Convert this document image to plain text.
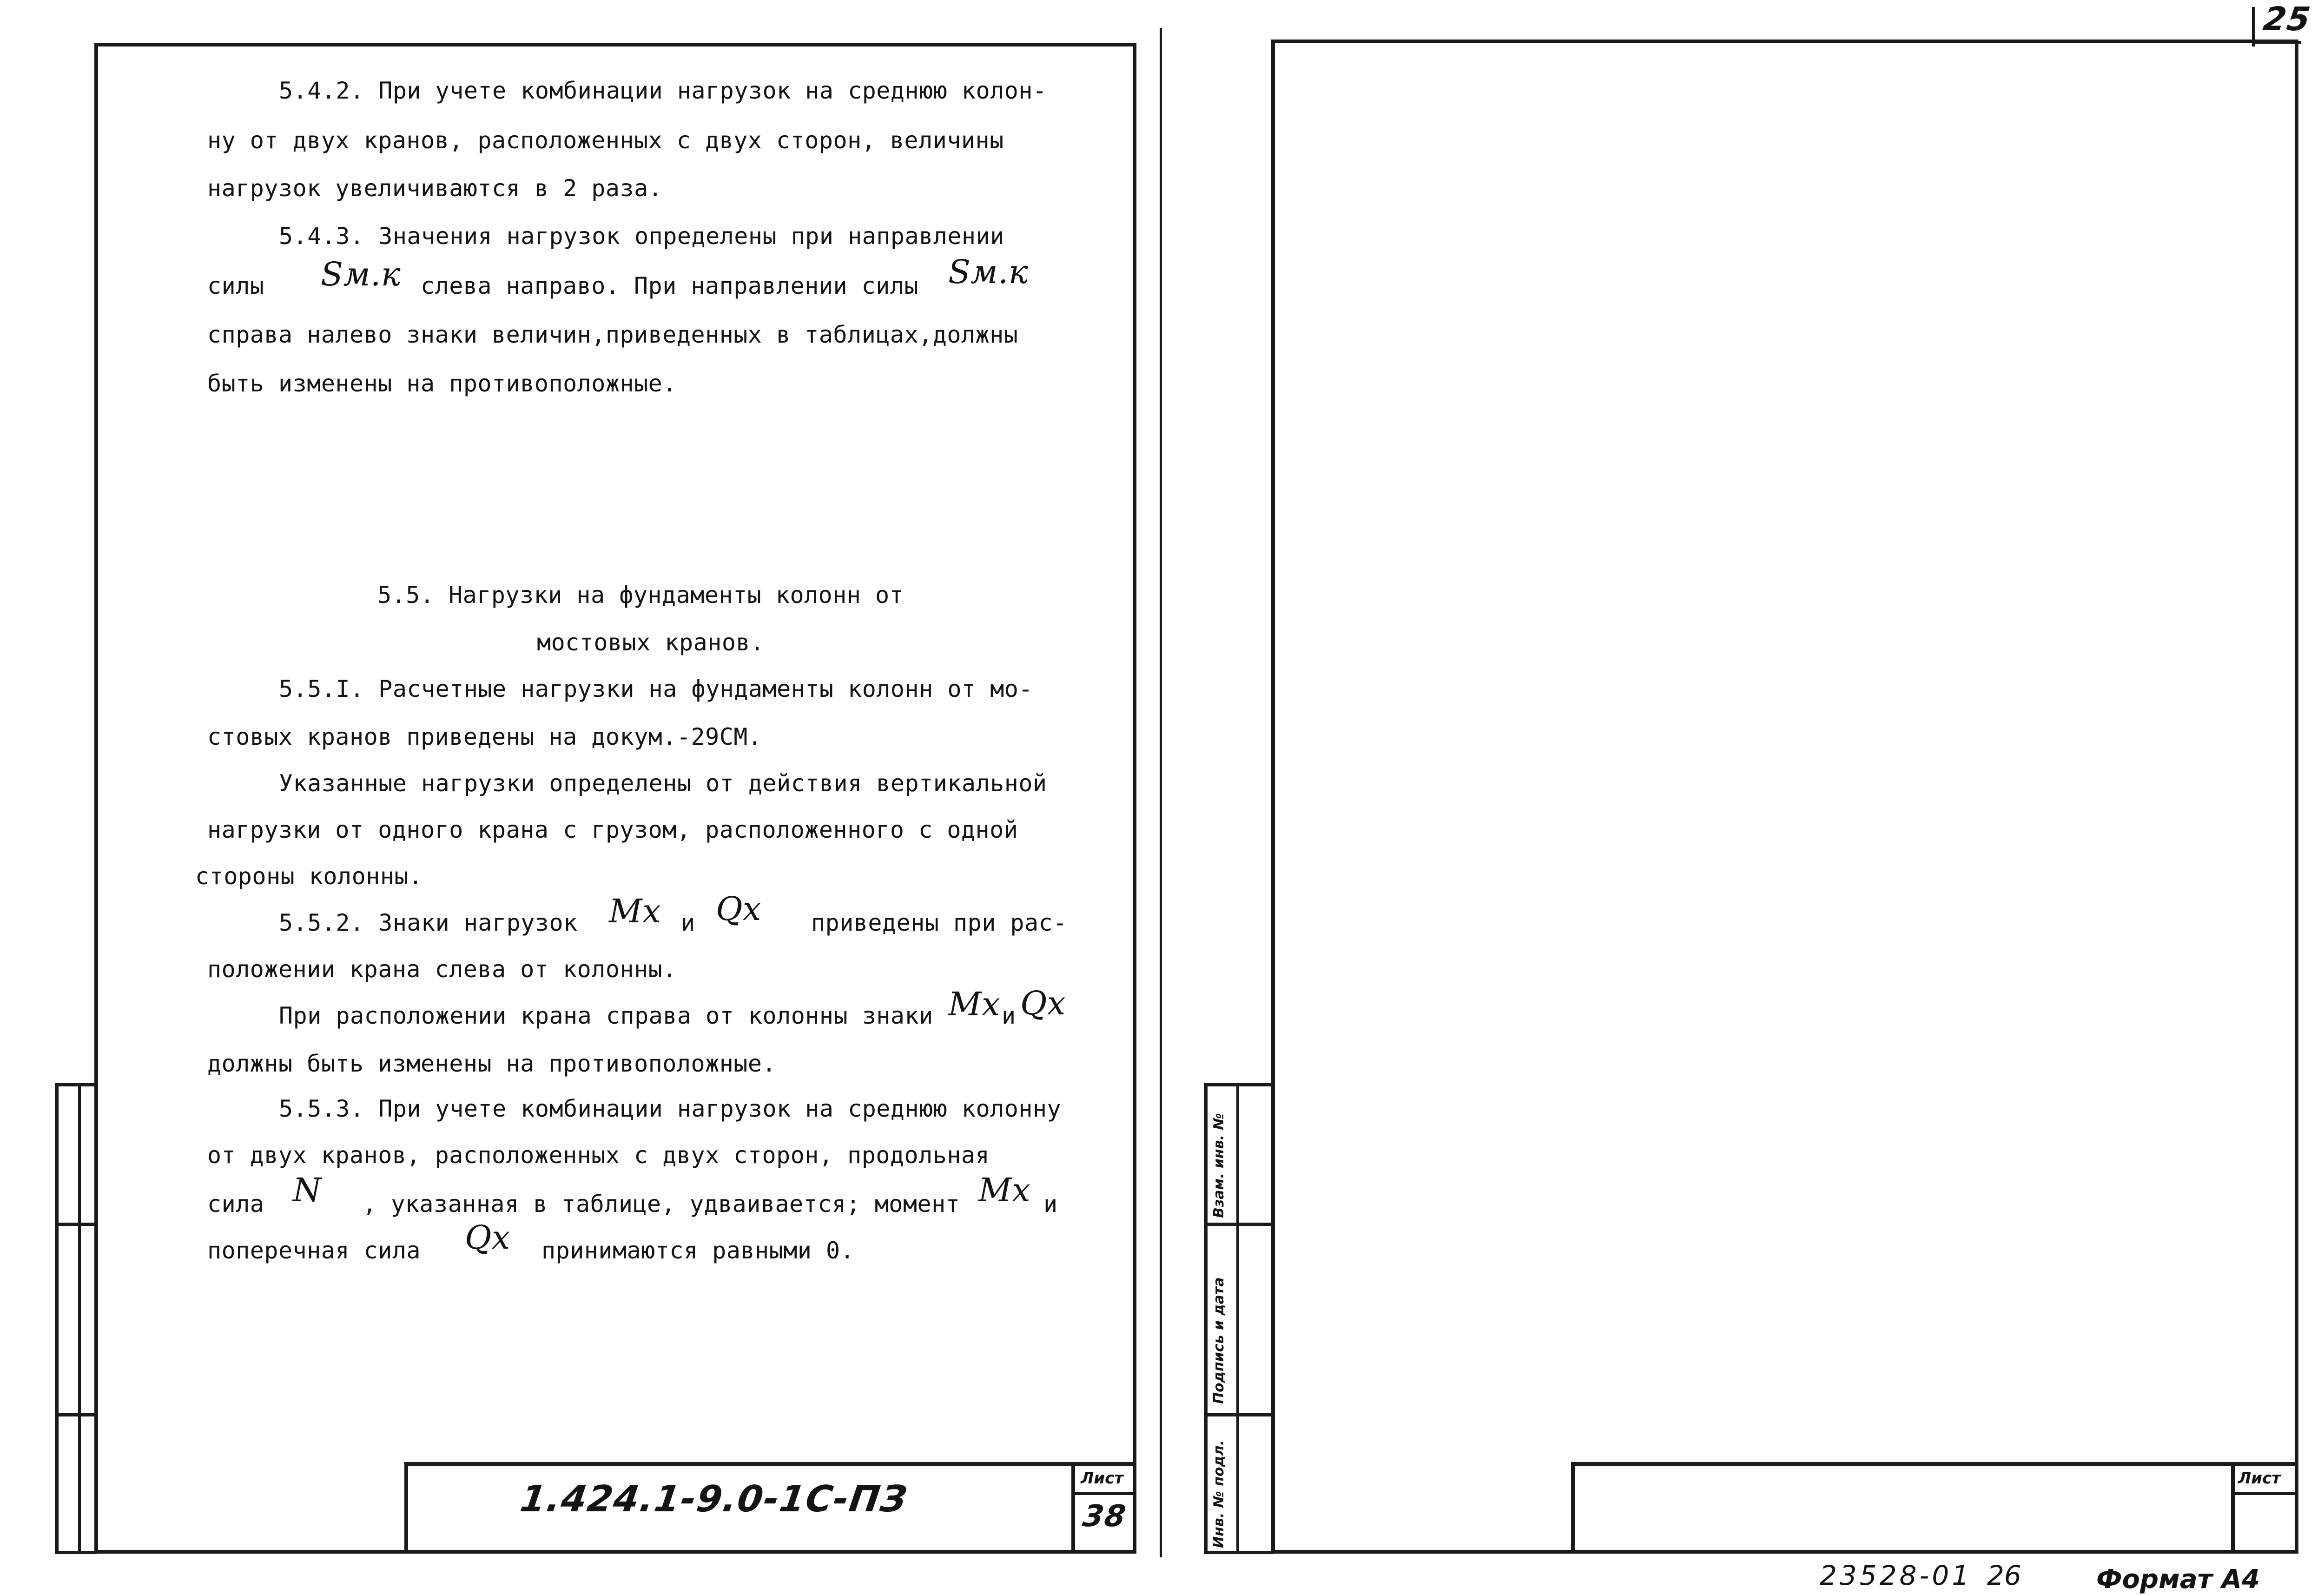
5.4.2. При учете комбинации нагрузок на среднюю колон-
ну от двух кранов, расположенных с двух сторон, величины
нагрузок увеличиваются в 2 раза.
5.4.3. Значения нагрузок определены при направлении
силы Sм.к слева направо. При направлении силы Sм.к
справа налево знаки величин,приведенных в таблицах,должны
быть изменены на противоположные.
5.5. Нагрузки на фундаменты колонн от
мостовых кранов.
5.5.I. Расчетные нагрузки на фундаменты колонн от мо-
стовых кранов приведены на докум.-29СМ.
Указанные нагрузки определены от действия вертикальной
нагрузки от одного крана с грузом, расположенного с одной
стороны колонны.
5.5.2. Знаки нагрузок Mx и Qx приведены при рас-
положении крана слева от колонны.
При расположении крана справа от колонны знаки Mx и Qx
должны быть изменены на противоположные.
5.5.3. При учете комбинации нагрузок на среднюю колонну
от двух кранов, расположенных с двух сторон, продольная
сила N , указанная в таблице, удваивается; момент Mx и
поперечная сила Qx принимаются равными 0.
1.424.1-9.0-1С-ПЗ	Лист
38
25
Взам. инв. №
Подпись и дата
Инв. № подл.	Лист
23528-01 26	Формат А4
